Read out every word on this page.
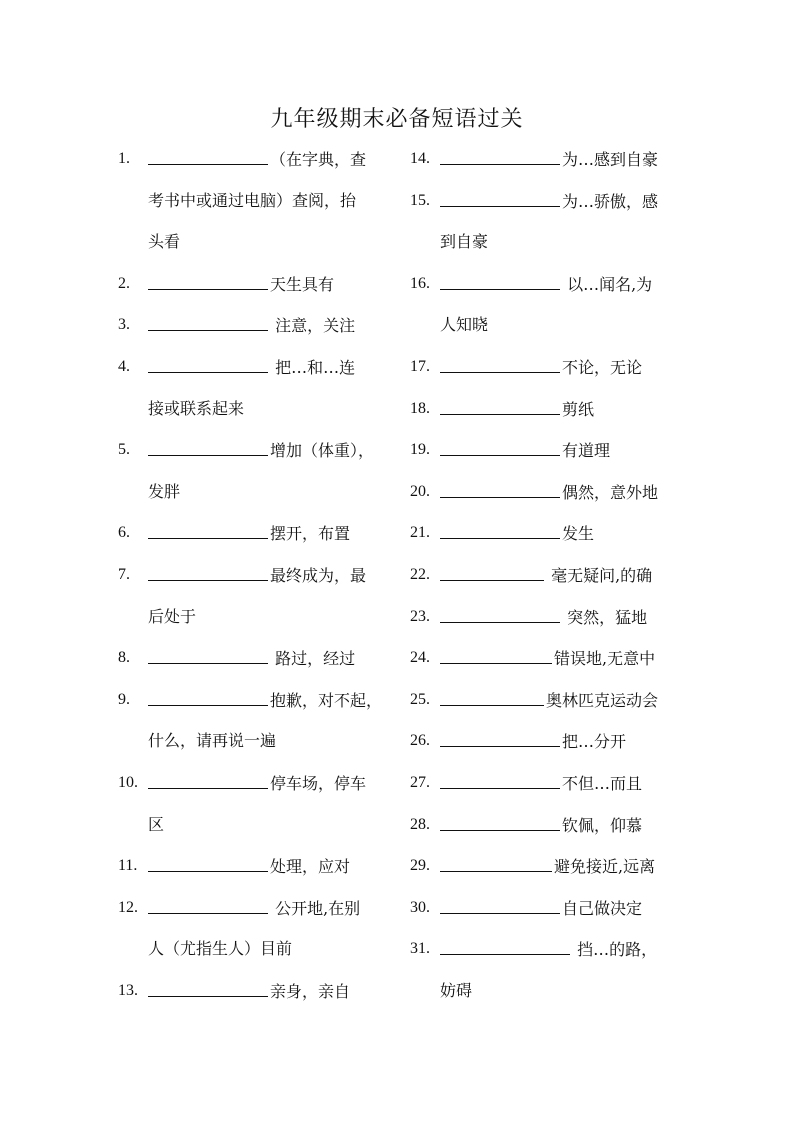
九年级期末必备短语过关
1.	（在字典，查
考书中或通过电脑）查阅，抬
头看
2.	天生具有
3.	注意，关注
4.	把…和…连
接或联系起来
5.	增加（体重），
发胖
6.	摆开，布置
7.	最终成为，最
后处于
8.	路过，经过
9.	抱歉，对不起，
什么，请再说一遍
10.	停车场，停车
区
11.	处理，应对
12.	公开地,在别
人（尤指生人）目前
13.	亲身，亲自
14.	为…感到自豪
15.	为…骄傲，感
到自豪
16.	以…闻名,为
人知晓
17.	不论，无论
18.	剪纸
19.	有道理
20.	偶然，意外地
21.	发生
22.	毫无疑问,的确
23.	突然，猛地
24.	错误地,无意中
25.	奥林匹克运动会
26.	把…分开
27.	不但…而且
28.	钦佩，仰慕
29.	避免接近,远离
30.	自己做决定
31.	挡…的路，
妨碍
